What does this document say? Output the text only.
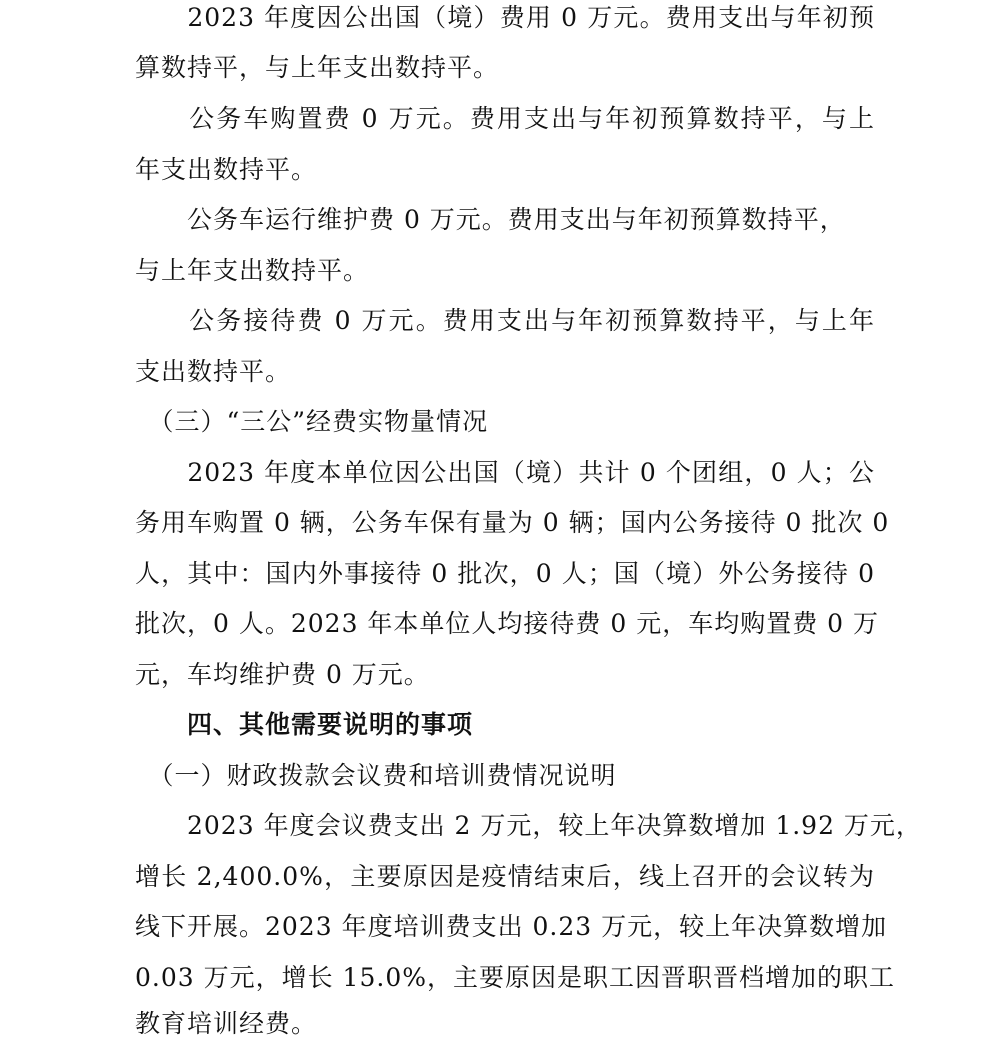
　　2023 年度因公出国（境）费用 0 万元。费用支出与年初预
算数持平，与上年支出数持平。
　　公务车购置费 0 万元。费用支出与年初预算数持平，与上
年支出数持平。
　　公务车运行维护费 0 万元。费用支出与年初预算数持平，
与上年支出数持平。
　　公务接待费 0 万元。费用支出与年初预算数持平，与上年
支出数持平。
　（三）“三公”经费实物量情况
　　2023 年度本单位因公出国（境）共计 0 个团组，0 人；公
务用车购置 0 辆，公务车保有量为 0 辆；国内公务接待 0 批次 0
人，其中：国内外事接待 0 批次，0 人；国（境）外公务接待 0
批次，0 人。2023 年本单位人均接待费 0 元，车均购置费 0 万
元，车均维护费 0 万元。
　　四、其他需要说明的事项
　（一）财政拨款会议费和培训费情况说明
　　2023 年度会议费支出 2 万元，较上年决算数增加 1.92 万元，
增长 2,400.0%，主要原因是疫情结束后，线上召开的会议转为
线下开展。2023 年度培训费支出 0.23 万元，较上年决算数增加
0.03 万元，增长 15.0%，主要原因是职工因晋职晋档增加的职工
教育培训经费。
